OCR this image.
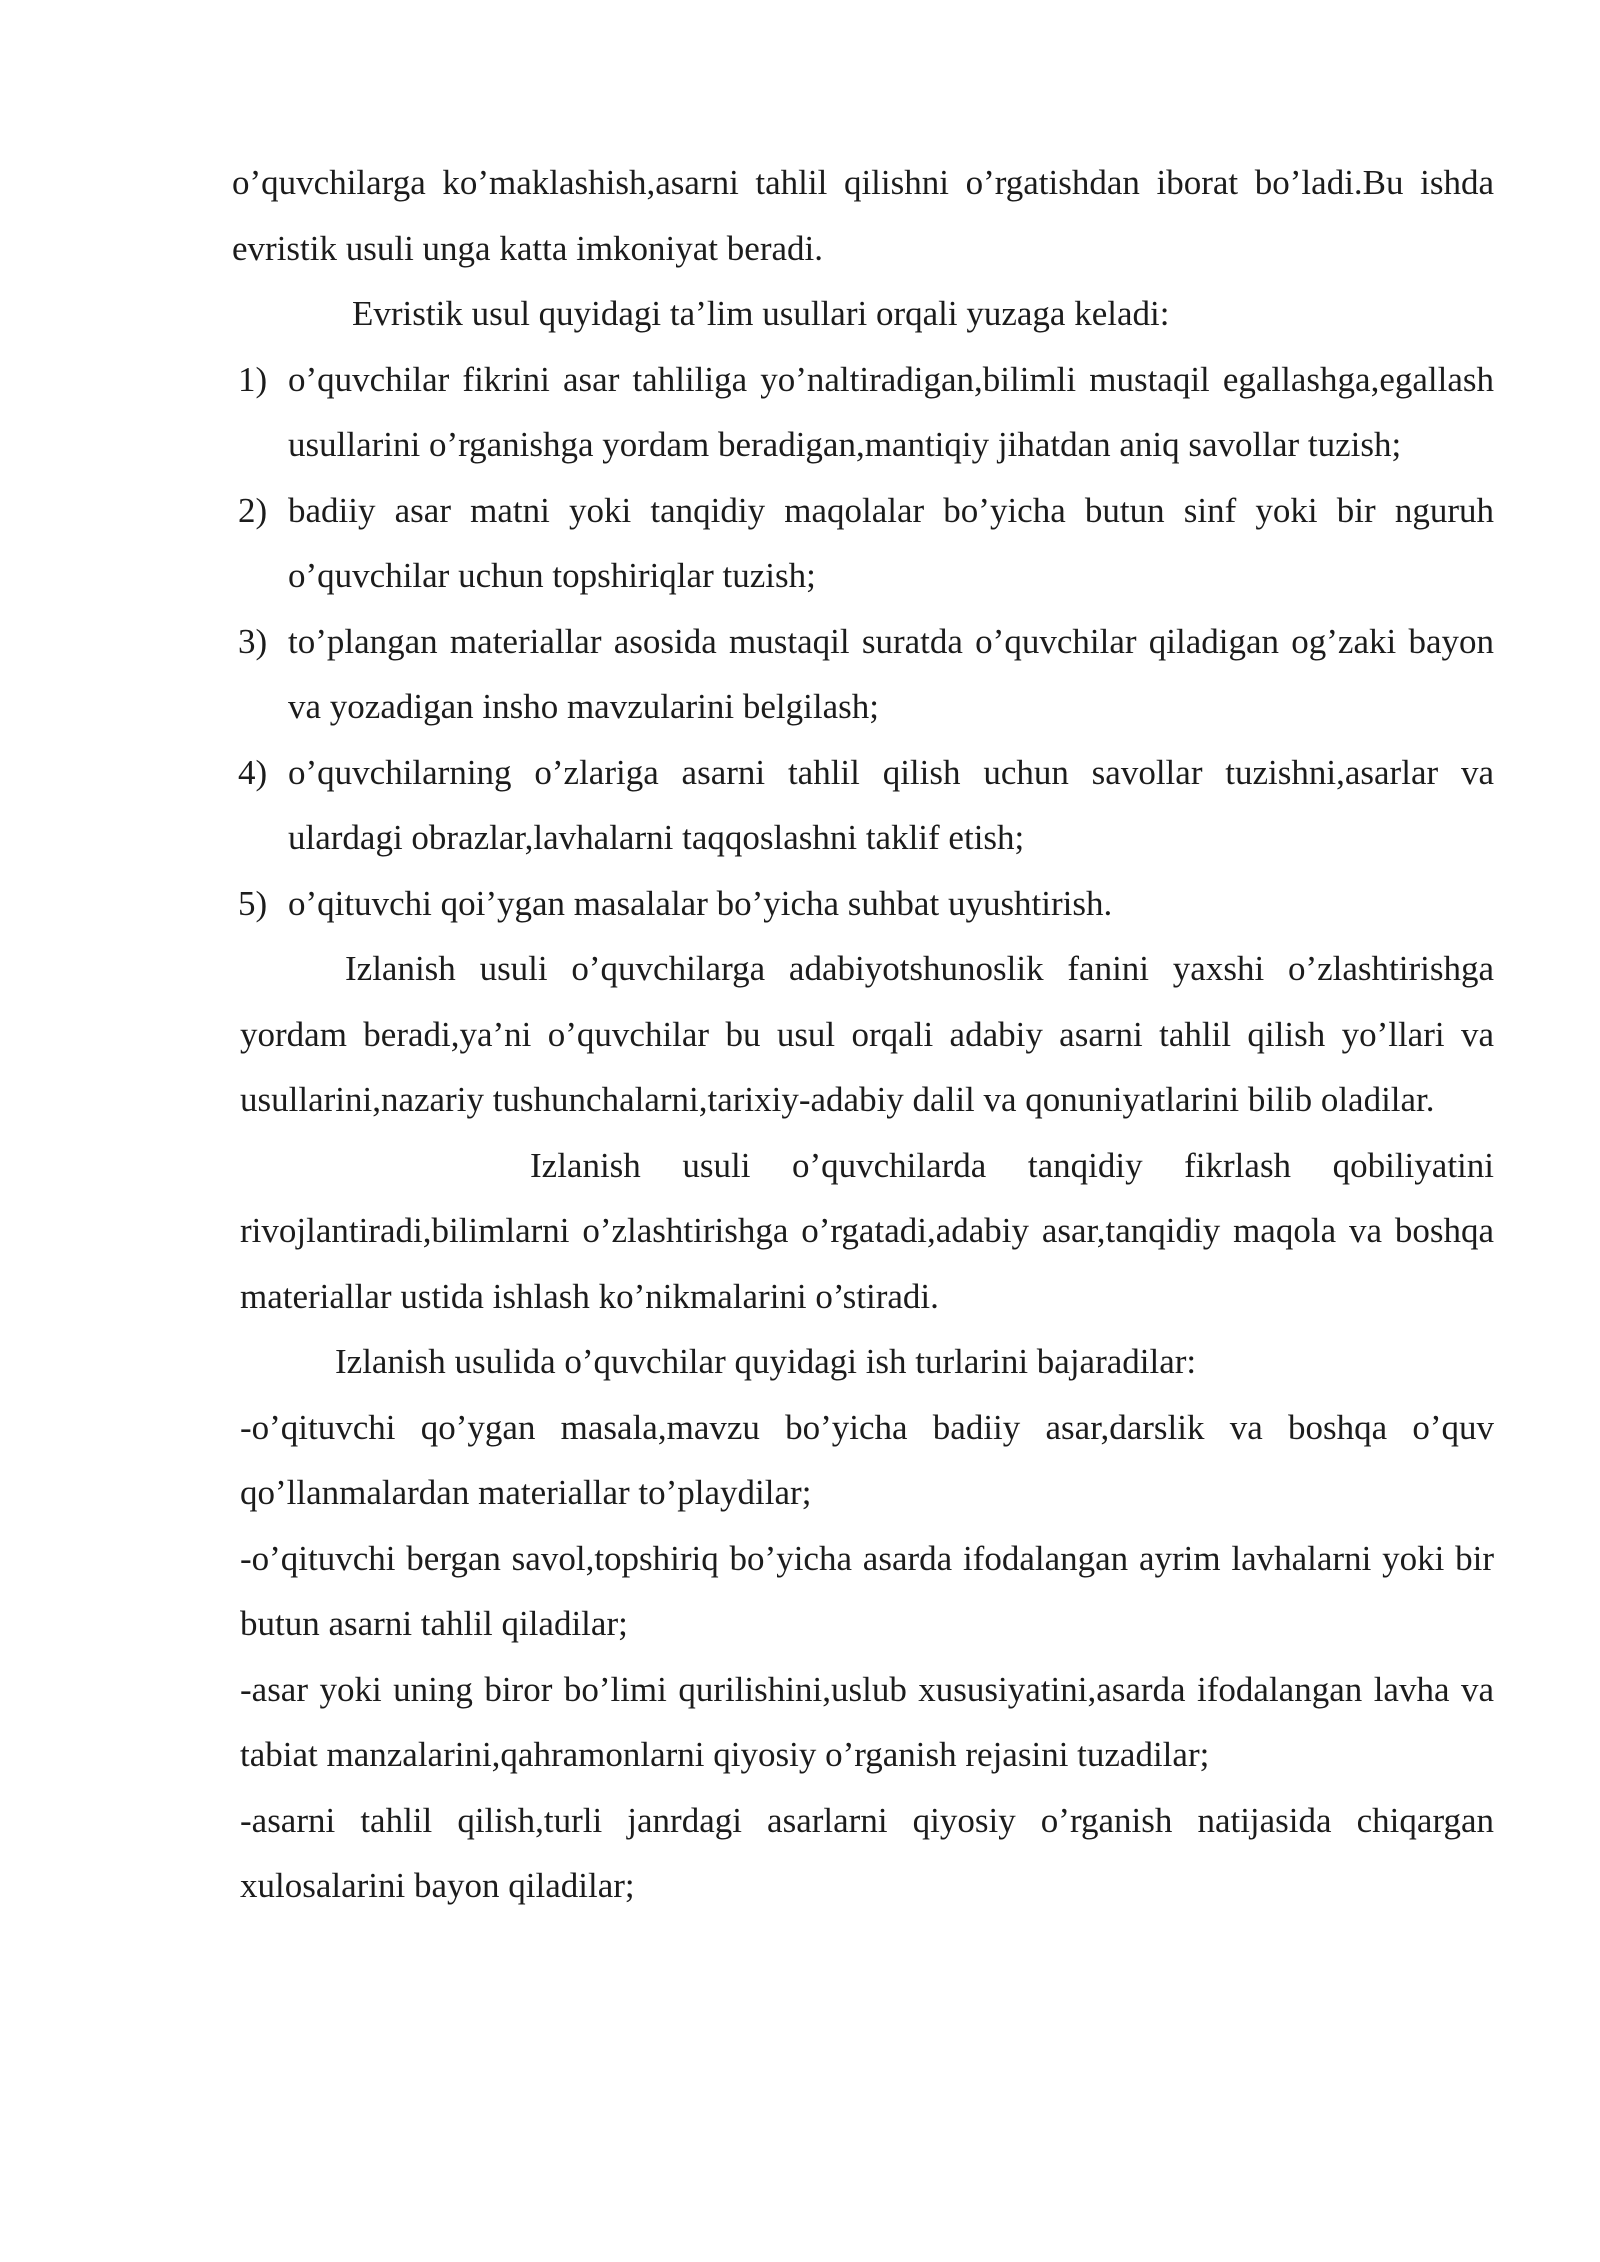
o’quvchilarga ko’maklashish,asarni tahlil qilishni o’rgatishdan iborat bo’ladi.Bu ishda evristik usuli unga katta imkoniyat beradi.

Evristik usul quyidagi ta’lim usullari orqali yuzaga keladi:

1) o’quvchilar fikrini asar tahliliga yo’naltiradigan,bilimli mustaqil egallashga,egallash usullarini o’rganishga yordam beradigan,mantiqiy jihatdan aniq savollar tuzish;
2) badiiy asar matni yoki tanqidiy maqolalar bo’yicha butun sinf yoki bir nguruh o’quvchilar uchun topshiriqlar tuzish;
3) to’plangan materiallar asosida mustaqil suratda o’quvchilar qiladigan og’zaki bayon va yozadigan insho mavzularini belgilash;
4) o’quvchilarning o’zlariga asarni tahlil qilish uchun savollar tuzishni,asarlar va ulardagi obrazlar,lavhalarni taqqoslashni taklif etish;
5) o’qituvchi qoi’ygan masalalar bo’yicha suhbat uyushtirish.

Izlanish usuli o’quvchilarga adabiyotshunoslik fanini yaxshi o’zlashtirishga yordam beradi,ya’ni o’quvchilar bu usul orqali adabiy asarni tahlil qilish yo’llari va usullarini,nazariy tushunchalarni,tarixiy-adabiy dalil va qonuniyatlarini bilib oladilar.

Izlanish usuli o’quvchilarda tanqidiy fikrlash qobiliyatini rivojlantiradi,bilimlarni o’zlashtirishga o’rgatadi,adabiy asar,tanqidiy maqola va boshqa materiallar ustida ishlash ko’nikmalarini o’stiradi.

Izlanish usulida o’quvchilar quyidagi ish turlarini bajaradilar:

-o’qituvchi qo’ygan masala,mavzu bo’yicha badiiy asar,darslik va boshqa o’quv qo’llanmalardan materiallar to’playdilar;

-o’qituvchi bergan savol,topshiriq bo’yicha asarda ifodalangan ayrim lavhalarni yoki bir butun asarni tahlil qiladilar;

-asar yoki uning biror bo’limi qurilishini,uslub xususiyatini,asarda ifodalangan lavha va tabiat manzalarini,qahramonlarni qiyosiy o’rganish rejasini tuzadilar;

-asarni tahlil qilish,turli janrdagi asarlarni qiyosiy o’rganish natijasida chiqargan xulosalarini bayon qiladilar;
